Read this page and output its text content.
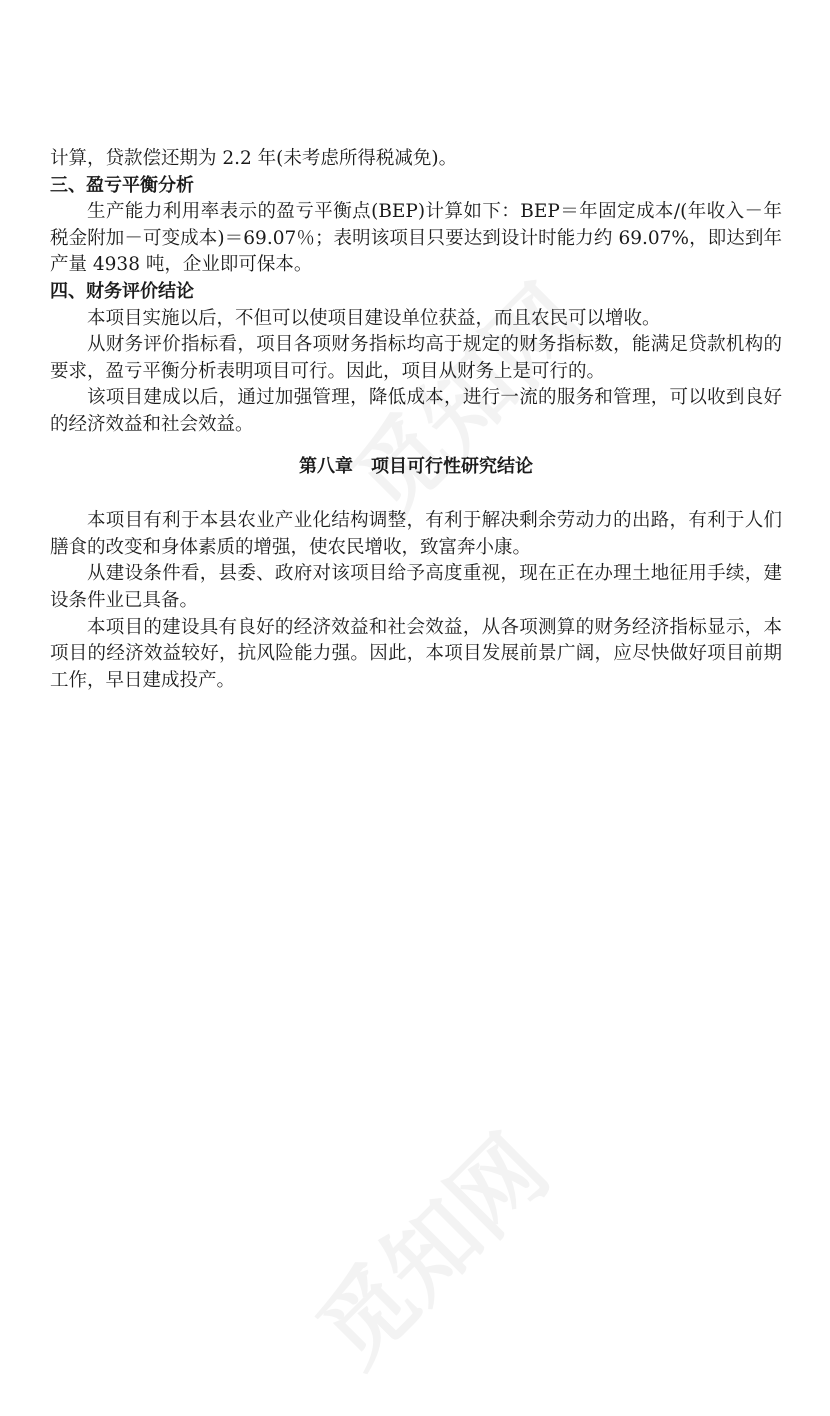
计算，贷款偿还期为 2.2 年(未考虑所得税减免)。

三、盈亏平衡分析

生产能力利用率表示的盈亏平衡点(BEP)计算如下：BEP＝年固定成本/(年收入－年税金附加－可变成本)＝69.07％；表明该项目只要达到设计时能力约 69.07%，即达到年产量 4938 吨，企业即可保本。

四、财务评价结论

本项目实施以后，不但可以使项目建设单位获益，而且农民可以增收。

从财务评价指标看，项目各项财务指标均高于规定的财务指标数，能满足贷款机构的要求，盈亏平衡分析表明项目可行。因此，项目从财务上是可行的。

该项目建成以后，通过加强管理，降低成本，进行一流的服务和管理，可以收到良好的经济效益和社会效益。

第八章　项目可行性研究结论

本项目有利于本县农业产业化结构调整，有利于解决剩余劳动力的出路，有利于人们膳食的改变和身体素质的增强，使农民增收，致富奔小康。

从建设条件看，县委、政府对该项目给予高度重视，现在正在办理土地征用手续，建设条件业已具备。

本项目的建设具有良好的经济效益和社会效益，从各项测算的财务经济指标显示，本项目的经济效益较好，抗风险能力强。因此，本项目发展前景广阔，应尽快做好项目前期工作，早日建成投产。
